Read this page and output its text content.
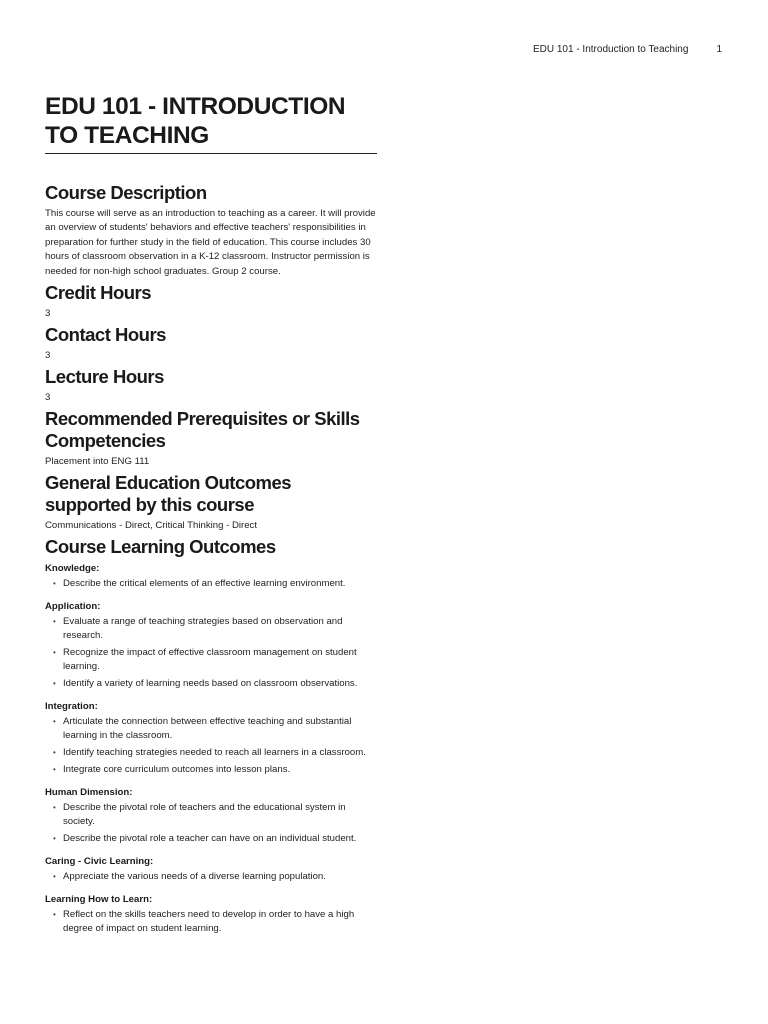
EDU 101 - Introduction to Teaching	1
EDU 101 - INTRODUCTION TO TEACHING
Course Description

This course will serve as an introduction to teaching as a career. It will provide an overview of students' behaviors and effective teachers' responsibilities in preparation for further study in the field of education. This course includes 30 hours of classroom observation in a K-12 classroom. Instructor permission is needed for non-high school graduates. Group 2 course.

Credit Hours

3

Contact Hours

3

Lecture Hours

3

Recommended Prerequisites or Skills Competencies

Placement into ENG 111

General Education Outcomes supported by this course

Communications - Direct, Critical Thinking - Direct

Course Learning Outcomes

Knowledge:

• Describe the critical elements of an effective learning environment.

Application:

• Evaluate a range of teaching strategies based on observation and research.
• Recognize the impact of effective classroom management on student learning.
• Identify a variety of learning needs based on classroom observations.

Integration:

• Articulate the connection between effective teaching and substantial learning in the classroom.
• Identify teaching strategies needed to reach all learners in a classroom.
• Integrate core curriculum outcomes into lesson plans.

Human Dimension:

• Describe the pivotal role of teachers and the educational system in society.
• Describe the pivotal role a teacher can have on an individual student.

Caring - Civic Learning:

• Appreciate the various needs of a diverse learning population.

Learning How to Learn:

• Reflect on the skills teachers need to develop in order to have a high degree of impact on student learning.
